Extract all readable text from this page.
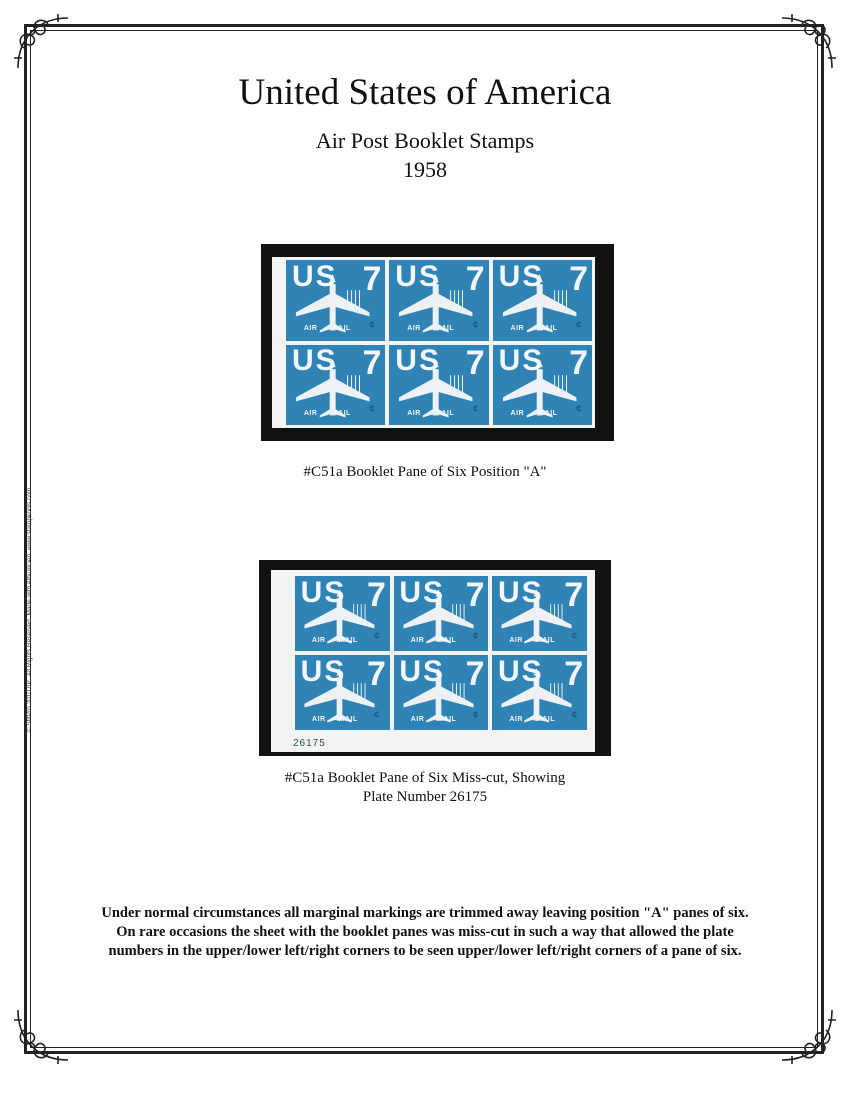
United States of America
Air Post Booklet Stamps
1958
US 7
AIR MAIL ¢
US 7
AIR MAIL ¢
US 7
AIR MAIL ¢
US 7
AIR MAIL ¢
US 7
AIR MAIL ¢
US 7
AIR MAIL ¢
#C51a Booklet Pane of Six Position "A"
US 7
AIR MAIL ¢
US 7
AIR MAIL ¢
US 7
AIR MAIL ¢
US 7
AIR MAIL ¢
US 7
AIR MAIL ¢
US 7
AIR MAIL ¢
26175
#C51a Booklet Pane of Six Miss-cut, Showing
Plate Number 26175
Under normal circumstances all marginal markings are trimmed away leaving position "A" panes of six. On rare occasions the sheet with the booklet panes was miss-cut in such a way that allowed the plate numbers in the upper/lower left/right corners to be seen upper/lower left/right corners of a pane of six.
© StitPro 2010 Inc. All Rights Reserved. Made with AlbumGen. www.stampkools.com
